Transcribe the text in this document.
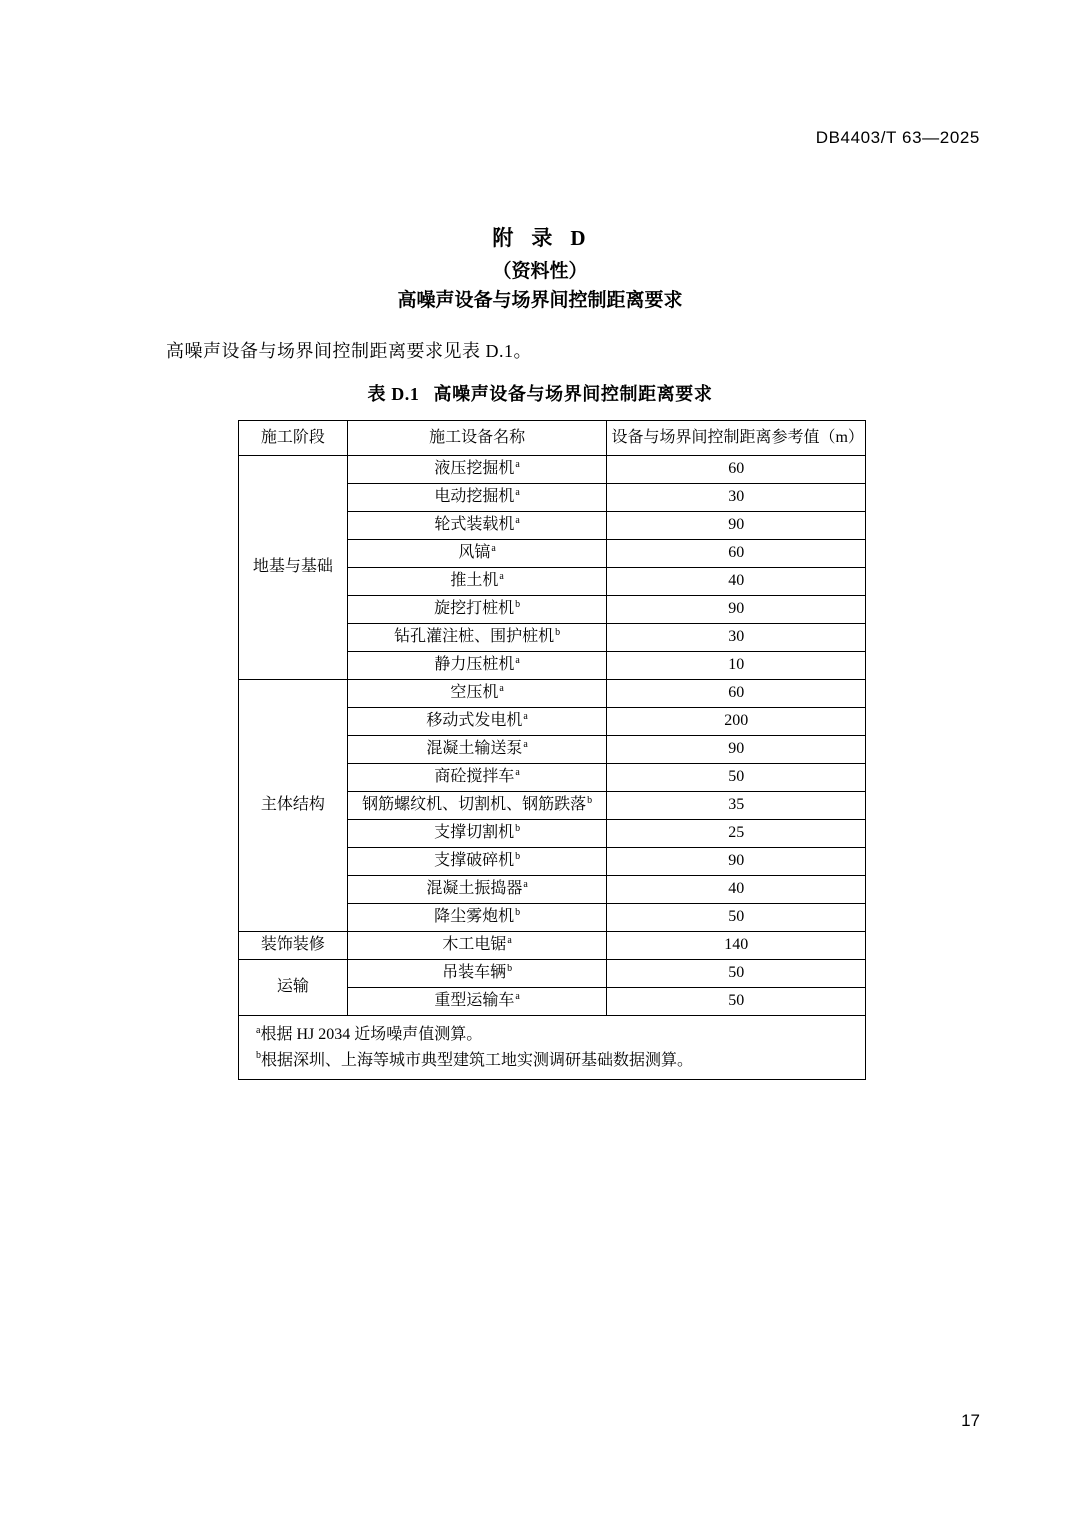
DB4403/T 63—2025
附 录 D
（资料性）
高噪声设备与场界间控制距离要求
高噪声设备与场界间控制距离要求见表 D.1。
表 D.1 高噪声设备与场界间控制距离要求
施工阶段	施工设备名称	设备与场界间控制距离参考值（m）
地基与基础	液压挖掘机$^a$	60
	电动挖掘机$^a$	30
	轮式装载机$^a$	90
	风镐$^a$	60
	推土机$^a$	40
	旋挖打桩机$^b$	90
	钻孔灌注桩、围护桩机$^b$	30
	静力压桩机$^a$	10
主体结构	空压机$^a$	60
	移动式发电机$^a$	200
	混凝土输送泵$^a$	90
	商砼搅拌车$^a$	50
	钢筋螺纹机、切割机、钢筋跌落$^b$	35
	支撑切割机$^b$	25
	支撑破碎机$^b$	90
	混凝土振捣器$^a$	40
	降尘雾炮机$^b$	50
装饰装修	木工电锯$^a$	140
运输	吊装车辆$^b$	50
	重型运输车$^a$	50

$^a$根据 HJ 2034 近场噪声值测算。
$^b$根据深圳、上海等城市典型建筑工地实测调研基础数据测算。		
17
